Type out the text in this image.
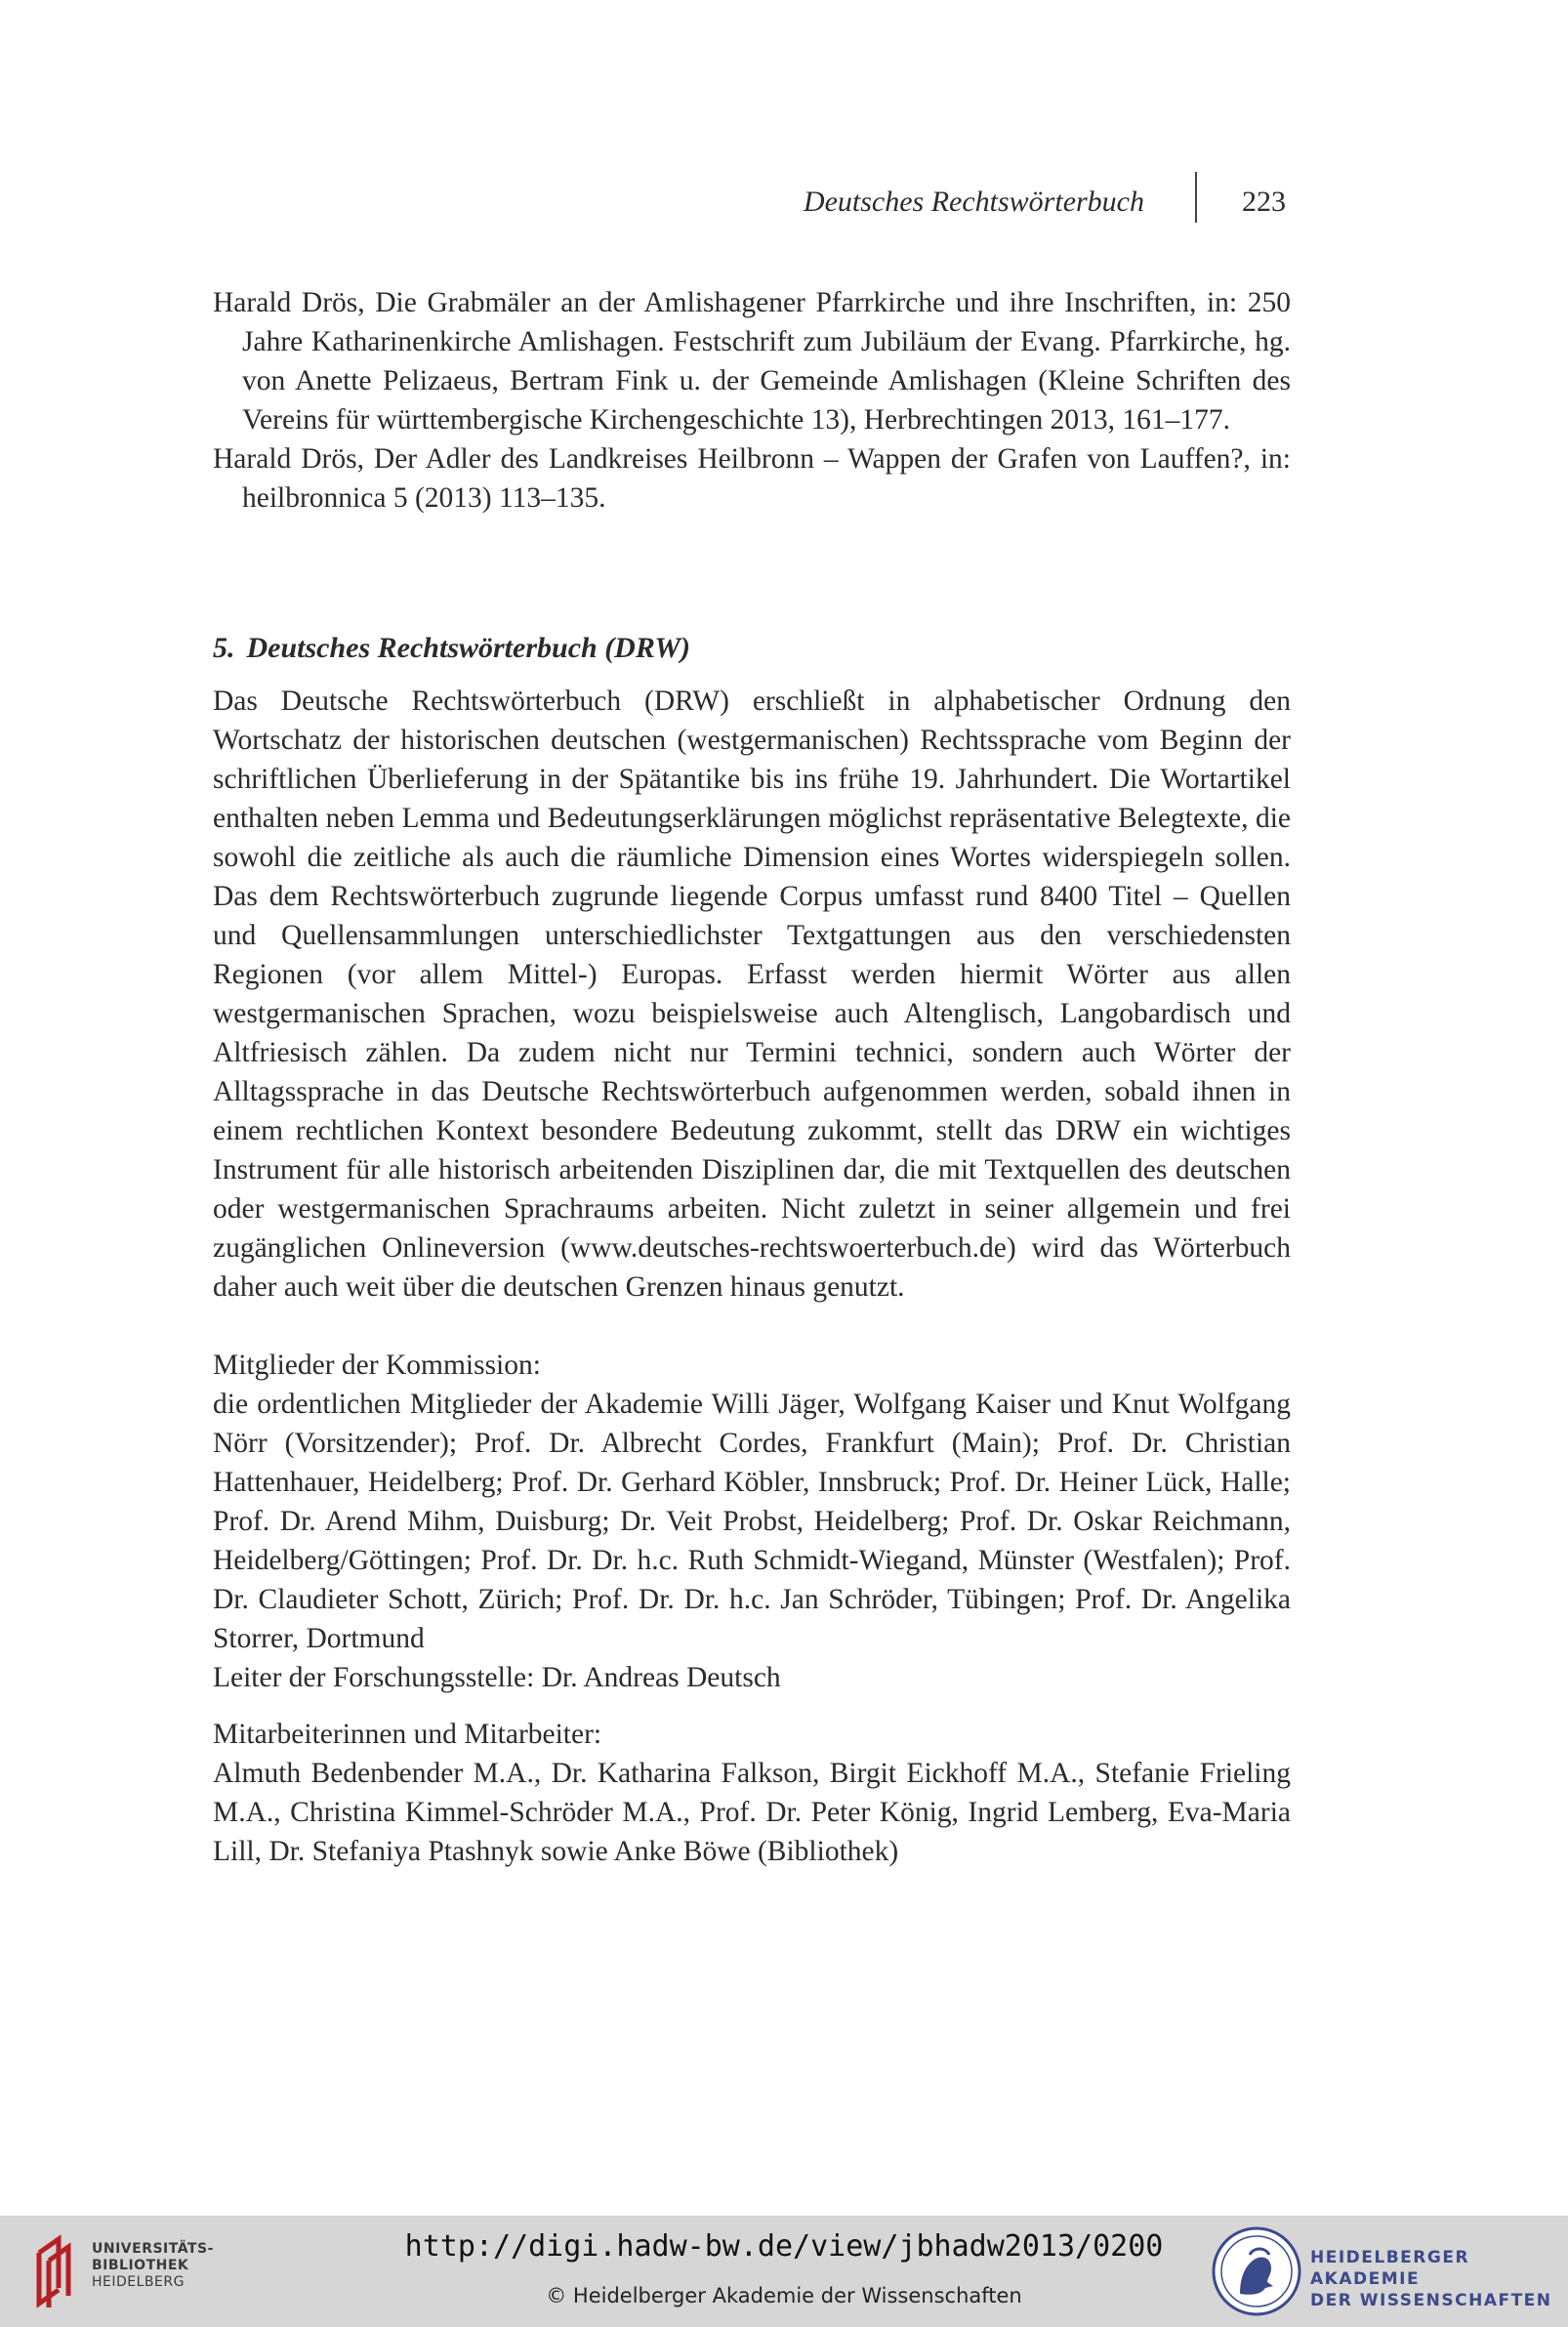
Deutsches Rechtswörterbuch	223

Harald Drös, Die Grabmäler an der Amlishagener Pfarrkirche und ihre Inschriften, in: 250 Jahre Katharinenkirche Amlishagen. Festschrift zum Jubiläum der Evang. Pfarrkirche, hg. von Anette Pelizaeus, Bertram Fink u. der Gemeinde Amlishagen (Kleine Schriften des Vereins für württembergische Kirchengeschichte 13), Herbrechtingen 2013, 161–177.

Harald Drös, Der Adler des Landkreises Heilbronn – Wappen der Grafen von Lauffen?, in: heilbronnica 5 (2013) 113–135.

5. Deutsches Rechtswörterbuch (DRW)

Das Deutsche Rechtswörterbuch (DRW) erschließt in alphabetischer Ordnung den Wortschatz der historischen deutschen (westgermanischen) Rechtssprache vom Beginn der schriftlichen Überlieferung in der Spätantike bis ins frühe 19. Jahrhundert. Die Wortartikel enthalten neben Lemma und Bedeutungserklärungen möglichst repräsentative Belegtexte, die sowohl die zeitliche als auch die räumliche Dimension eines Wortes widerspiegeln sollen. Das dem Rechtswörterbuch zugrunde liegende Corpus umfasst rund 8400 Titel – Quellen und Quellensammlungen unterschiedlichster Textgattungen aus den verschiedensten Regionen (vor allem Mittel-) Europas. Erfasst werden hiermit Wörter aus allen westgermanischen Sprachen, wozu beispielsweise auch Altenglisch, Langobardisch und Altfriesisch zählen. Da zudem nicht nur Termini technici, sondern auch Wörter der Alltagssprache in das Deutsche Rechtswörterbuch aufgenommen werden, sobald ihnen in einem rechtlichen Kontext besondere Bedeutung zukommt, stellt das DRW ein wichtiges Instrument für alle historisch arbeitenden Disziplinen dar, die mit Textquellen des deutschen oder westgermanischen Sprachraums arbeiten. Nicht zuletzt in seiner allgemein und frei zugänglichen Onlineversion (www.deutsches-rechtswoerterbuch.de) wird das Wörterbuch daher auch weit über die deutschen Grenzen hinaus genutzt.

Mitglieder der Kommission:

die ordentlichen Mitglieder der Akademie Willi Jäger, Wolfgang Kaiser und Knut Wolfgang Nörr (Vorsitzender); Prof. Dr. Albrecht Cordes, Frankfurt (Main); Prof. Dr. Christian Hattenhauer, Heidelberg; Prof. Dr. Gerhard Köbler, Innsbruck; Prof. Dr. Heiner Lück, Halle; Prof. Dr. Arend Mihm, Duisburg; Dr. Veit Probst, Heidelberg; Prof. Dr. Oskar Reichmann, Heidelberg/Göttingen; Prof. Dr. Dr. h.c. Ruth Schmidt-Wiegand, Münster (Westfalen); Prof. Dr. Claudieter Schott, Zürich; Prof. Dr. Dr. h.c. Jan Schröder, Tübingen; Prof. Dr. Angelika Storrer, Dortmund

Leiter der Forschungsstelle: Dr. Andreas Deutsch

Mitarbeiterinnen und Mitarbeiter:

Almuth Bedenbender M.A., Dr. Katharina Falkson, Birgit Eickhoff M.A., Stefanie Frieling M.A., Christina Kimmel-Schröder M.A., Prof. Dr. Peter König, Ingrid Lemberg, Eva-Maria Lill, Dr. Stefaniya Ptashnyk sowie Anke Böwe (Bibliothek)

UNIVERSITÄTS-
BIBLIOTHEK
HEIDELBERG
http://digi.hadw-bw.de/view/jbhadw2013/0200
© Heidelberger Akademie der Wissenschaften
HEIDELBERGER AKADEMIE
DER WISSENSCHAFTEN
